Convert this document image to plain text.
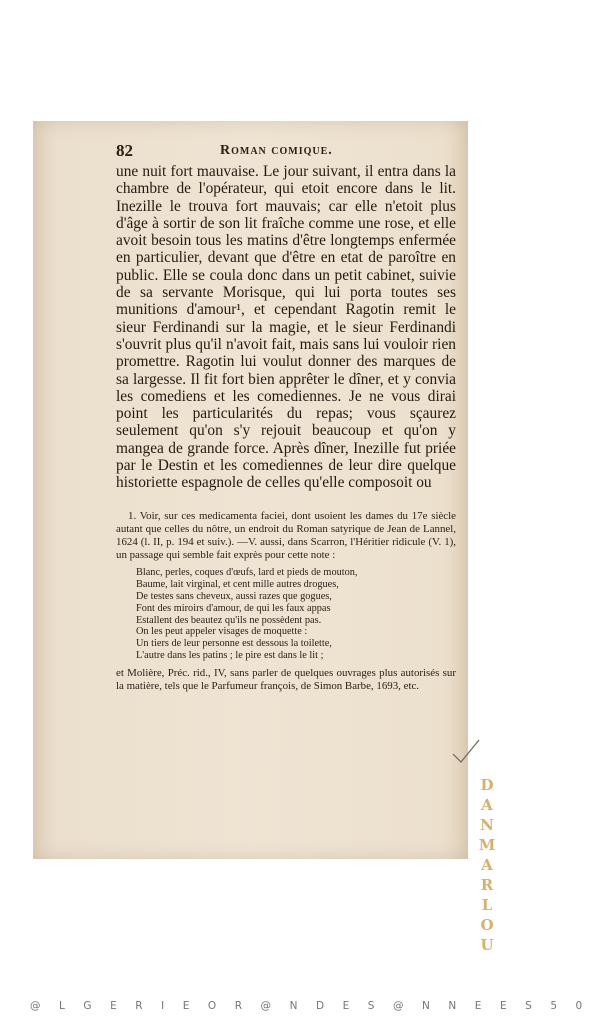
82	Roman comique.

une nuit fort mauvaise. Le jour suivant, il entra dans la chambre de l'opérateur, qui etoit encore dans le lit. Inezille le trouva fort mauvais; car elle n'etoit plus d'âge à sortir de son lit fraîche comme une rose, et elle avoit besoin tous les matins d'être longtemps enfermée en particulier, devant que d'être en etat de paroître en public. Elle se coula donc dans un petit cabinet, suivie de sa servante Morisque, qui lui porta toutes ses munitions d'amour¹, et cependant Ragotin remit le sieur Ferdinandi sur la magie, et le sieur Ferdinandi s'ouvrit plus qu'il n'avoit fait, mais sans lui vouloir rien promettre. Ragotin lui voulut donner des marques de sa largesse. Il fit fort bien apprêter le dîner, et y convia les comediens et les comediennes. Je ne vous dirai point les particularités du repas; vous sçaurez seulement qu'on s'y rejouit beaucoup et qu'on y mangea de grande force. Après dîner, Inezille fut priée par le Destin et les comediennes de leur dire quelque historiette espagnole de celles qu'elle composoit ou

1. Voir, sur ces medicamenta faciei, dont usoient les dames du 17e siècle autant que celles du nôtre, un endroit du Roman satyrique de Jean de Lannel, 1624 (l. II, p. 194 et suiv.). —V. aussi, dans Scarron, l'Héritier ridicule (V. 1), un passage qui semble fait exprès pour cette note :

Blanc, perles, coques d'œufs, lard et pieds de mouton,
Baume, lait virginal, et cent mille autres drogues,
De testes sans cheveux, aussi razes que gogues,
Font des miroirs d'amour, de qui les faux appas
Estallent des beautez qu'ils ne possèdent pas.
On les peut appeler visages de moquette :
Un tiers de leur personne est dessous la toilette,
L'autre dans les patins ; le pire est dans le lit ;

et Molière, Préc. rid., IV, sans parler de quelques ouvrages plus autorisés sur la matière, tels que le Parfumeur françois, de Simon Barbe, 1693, etc.

D
A
N
M
A
R
L
O
U
@ L G E R I E O R @ N D E S @ N N E E S 5 0
